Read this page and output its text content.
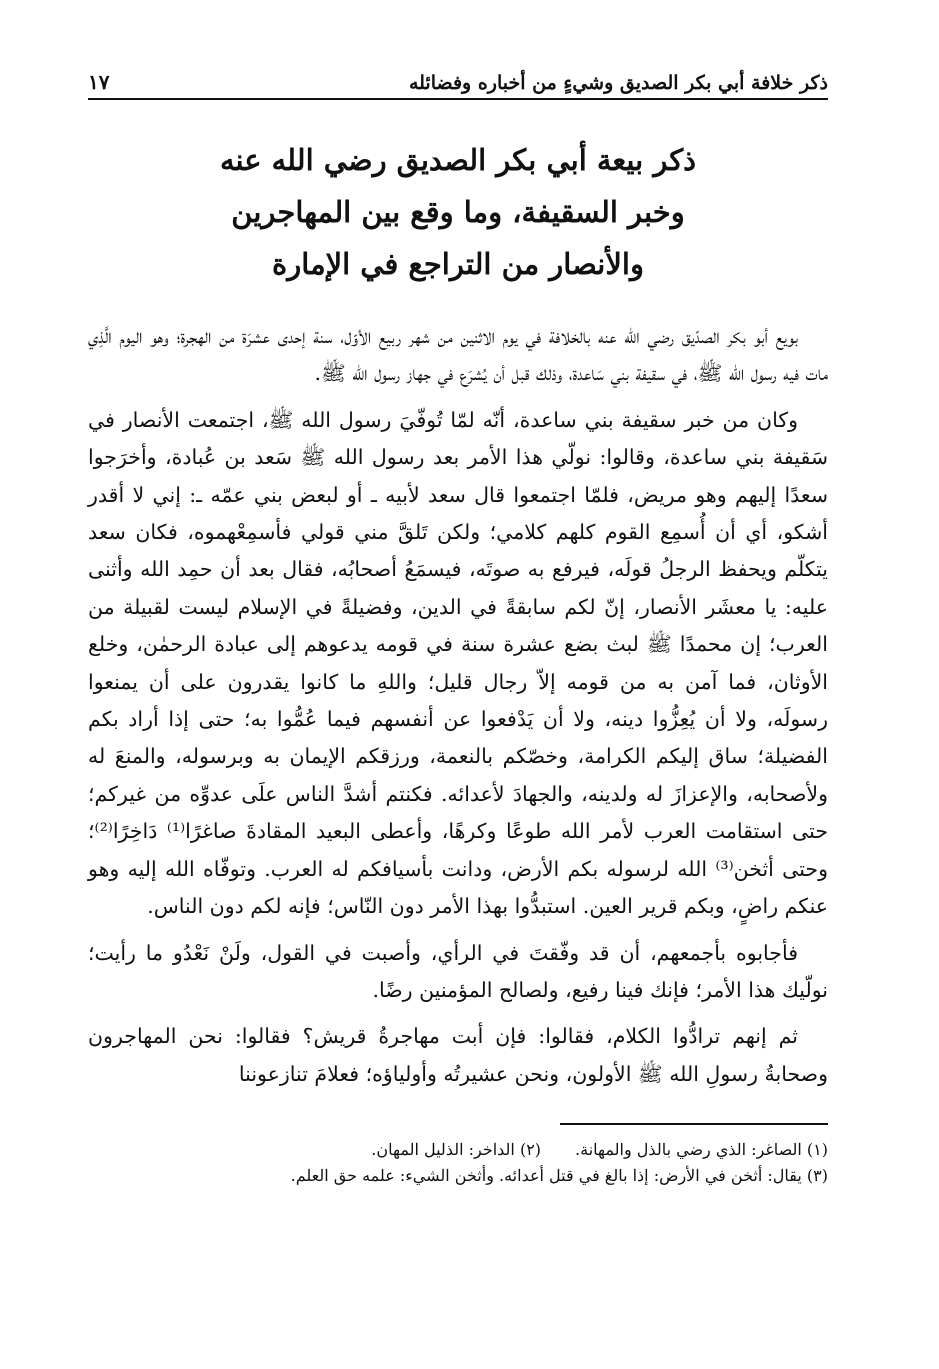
ذكر خلافة أبي بكر الصديق وشيءٍ من أخباره وفضائله
١٧
ذكر بيعة أبي بكر الصديق رضي الله عنه
وخبر السقيفة، وما وقع بين المهاجرين
والأنصار من التراجع في الإمارة

بويع أبو بكر الصدّيق رضي الله عنه بالخلافة في يوم الاثنين من شهر ربيع الأوّل، سنة إحدى عشرَة من الهجرة؛ وهو اليوم الَّذِي مات فيه رسول الله ﷺ، في سقيفة بني سَاعدة، وذلك قبل أن يُشرَع في جهاز رسول الله ﷺ.

وكان من خبر سقيفة بني ساعدة، أنّه لمّا تُوفّيَ رسول الله ﷺ، اجتمعت الأنصار في سَقيفة بني ساعدة، وقالوا: نولّي هذا الأمر بعد رسول الله ﷺ سَعد بن عُبادة، وأخرَجوا سعدًا إليهم وهو مريض، فلمّا اجتمعوا قال سعد لأبيه ـ أو لبعض بني عمّه ـ: إني لا أقدر أشكو، أي أن أُسمِع القوم كلهم كلامي؛ ولكن تَلقَّ مني قولي فأسمِعْهموه، فكان سعد يتكلّم ويحفظ الرجلُ قولَه، فيرفع به صوتَه، فيسمَعُ أصحابُه، فقال بعد أن حمِد الله وأثنى عليه: يا معشَر الأنصار، إنّ لكم سابقةً في الدين، وفضيلةً في الإسلام ليست لقبيلة من العرب؛ إن محمدًا ﷺ لبث بضع عشرة سنة في قومه يدعوهم إلى عبادة الرحمٰن، وخلع الأوثان، فما آمن به من قومه إلاّ رجال قليل؛ واللهِ ما كانوا يقدرون على أن يمنعوا رسولَه، ولا أن يُعِزُّوا دينه، ولا أن يَدْفعوا عن أنفسهم فيما عُمُّوا به؛ حتى إذا أراد بكم الفضيلة؛ ساق إليكم الكرامة، وخصّكم بالنعمة، ورزقكم الإيمان به وبرسوله، والمنعَ له ولأصحابه، والإعزازَ له ولدينه، والجهادَ لأعدائه. فكنتم أشدَّ الناس علَى عدوِّه من غيركم؛ حتى استقامت العرب لأمر الله طوعًا وكرهًا، وأعطى البعيد المقادةَ صاغرًا⁽¹⁾ دَاخِرًا⁽²⁾؛ وحتى أثخن⁽³⁾ الله لرسوله بكم الأرض، ودانت بأسيافكم له العرب. وتوفّاه الله إليه وهو عنكم راضٍ، وبكم قرير العين. استبدُّوا بهذا الأمر دون النّاس؛ فإنه لكم دون الناس.

فأجابوه بأجمعهم، أن قد وفّقتَ في الرأي، وأصبت في القول، ولَنْ نَعْدُو ما رأيت؛ نولّيك هذا الأمر؛ فإنك فينا رفيع، ولصالح المؤمنين رضًا.

ثم إنهم ترادُّوا الكلام، فقالوا: فإن أبت مهاجرةُ قريش؟ فقالوا: نحن المهاجرون وصحابةُ رسولِ الله ﷺ الأولون، ونحن عشيرتُه وأولياؤه؛ فعلامَ تنازعوننا

(١) الصاغر: الذي رضي بالذل والمهانة.(٢) الداخر: الذليل المهان.

(٣) يقال: أثخن في الأرض: إذا بالغ في قتل أعدائه. وأثخن الشيء: علمه حق العلم.
